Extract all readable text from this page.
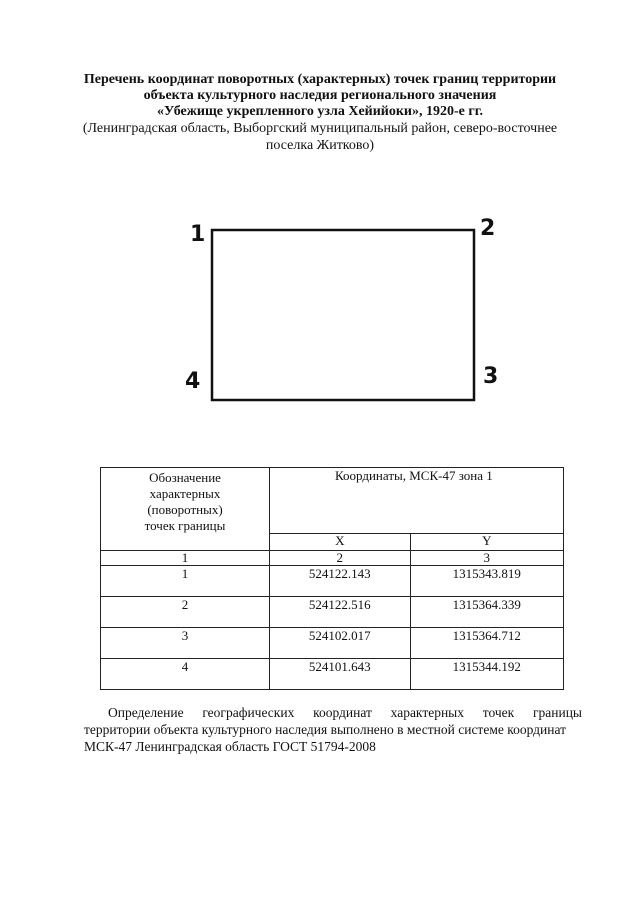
Перечень координат поворотных (характерных) точек границ территории
объекта культурного наследия регионального значения
«Убежище укрепленного узла Хейийоки», 1920-е гг.
(Ленинградская область, Выборгский муниципальный район, северо-восточнее
поселка Житково)
1	2
3
4
Обозначение
характерных
(поворотных)
точек границы	Координаты, МСК-47 зона 1	
	X	Y
1	2	3
1	524122.143	1315343.819
2	524122.516	1315364.339
3	524102.017	1315364.712
4	524101.643	1315344.192
Определение географических координат характерных точек границы
территории объекта культурного наследия выполнено в местной системе координат
МСК-47 Ленинградская область ГОСТ 51794-2008
